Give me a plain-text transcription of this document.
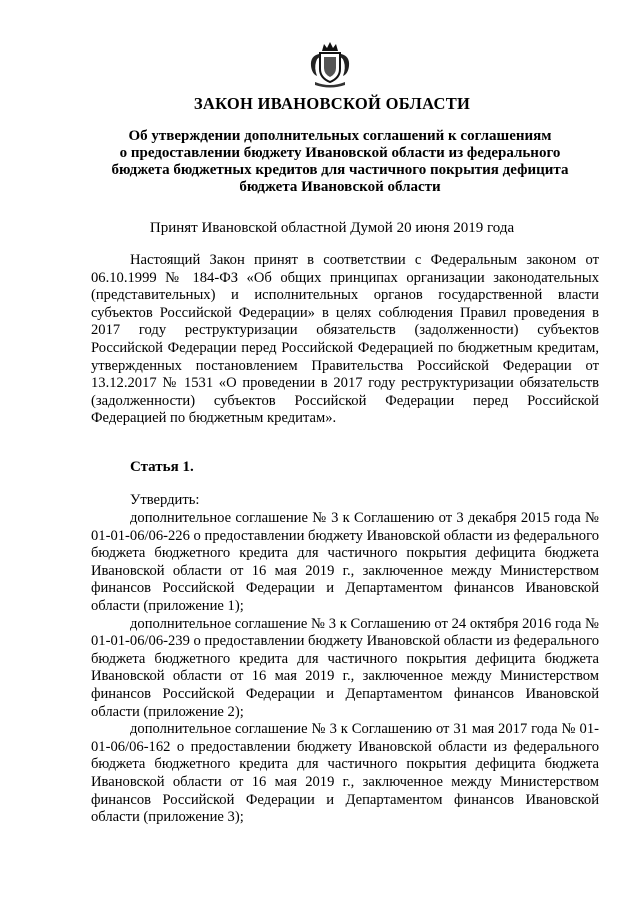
ЗАКОН ИВАНОВСКОЙ ОБЛАСТИ
Об утверждении дополнительных соглашений к соглашениям
о предоставлении бюджету Ивановской области из федерального
бюджета бюджетных кредитов для частичного покрытия дефицита
бюджета Ивановской области

Принят Ивановской областной Думой 20 июня 2019 года

Настоящий Закон принят в соответствии с Федеральным законом от 06.10.1999 № 184-ФЗ «Об общих принципах организации законодательных (представительных) и исполнительных органов государственной власти субъектов Российской Федерации» в целях соблюдения Правил проведения в 2017 году реструктуризации обязательств (задолженности) субъектов Российской Федерации перед Российской Федерацией по бюджетным кредитам, утвержденных постановлением Правительства Российской Федерации от 13.12.2017 № 1531 «О проведении в 2017 году реструктуризации обязательств (задолженности) субъектов Российской Федерации перед Российской Федерацией по бюджетным кредитам».

Статья 1.

Утвердить:

дополнительное соглашение № 3 к Соглашению от 3 декабря 2015 года № 01-01-06/06-226 о предоставлении бюджету Ивановской области из федерального бюджета бюджетного кредита для частичного покрытия дефицита бюджета Ивановской области от 16 мая 2019 г., заключенное между Министерством финансов Российской Федерации и Департаментом финансов Ивановской области (приложение 1);

дополнительное соглашение № 3 к Соглашению от 24 октября 2016 года № 01-01-06/06-239 о предоставлении бюджету Ивановской области из федерального бюджета бюджетного кредита для частичного покрытия дефицита бюджета Ивановской области от 16 мая 2019 г., заключенное между Министерством финансов Российской Федерации и Департаментом финансов Ивановской области (приложение 2);

дополнительное соглашение № 3 к Соглашению от 31 мая 2017 года № 01-01-06/06-162 о предоставлении бюджету Ивановской области из федерального бюджета бюджетного кредита для частичного покрытия дефицита бюджета Ивановской области от 16 мая 2019 г., заключенное между Министерством финансов Российской Федерации и Департаментом финансов Ивановской области (приложение 3);
